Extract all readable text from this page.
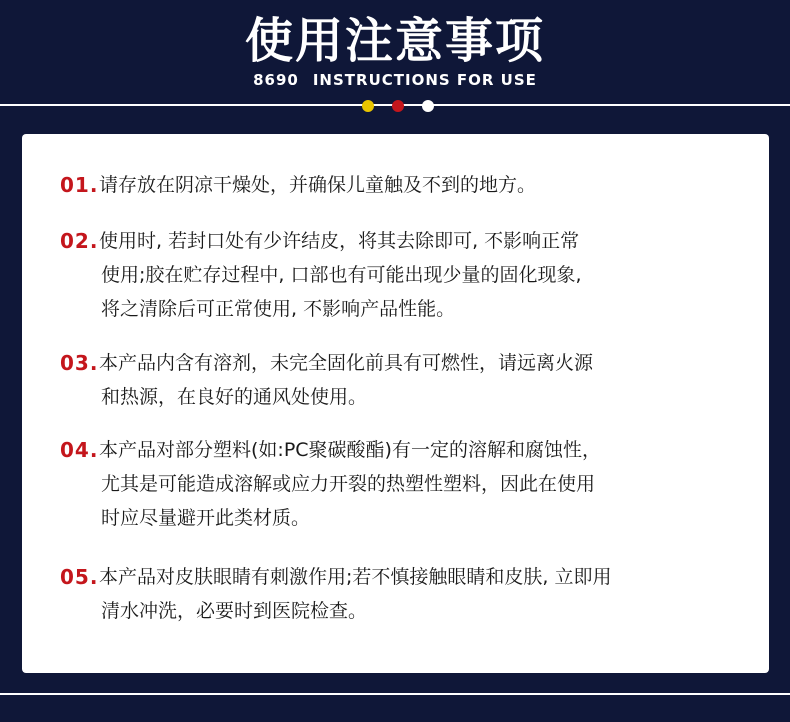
使用注意事项
8690 INSTRUCTIONS FOR USE
01. 请存放在阴凉干燥处，并确保儿童触及不到的地方。
02. 使用时, 若封口处有少许结皮，将其去除即可, 不影响正常
使用;胶在贮存过程中, 口部也有可能出现少量的固化现象,
将之清除后可正常使用, 不影响产品性能。
03. 本产品内含有溶剂，未完全固化前具有可燃性，请远离火源
和热源，在良好的通风处使用。
04. 本产品对部分塑料(如:PC聚碳酸酯)有一定的溶解和腐蚀性，
尤其是可能造成溶解或应力开裂的热塑性塑料，因此在使用
时应尽量避开此类材质。
05. 本产品对皮肤眼睛有刺激作用;若不慎接触眼睛和皮肤, 立即用
清水冲洗，必要时到医院检查。
